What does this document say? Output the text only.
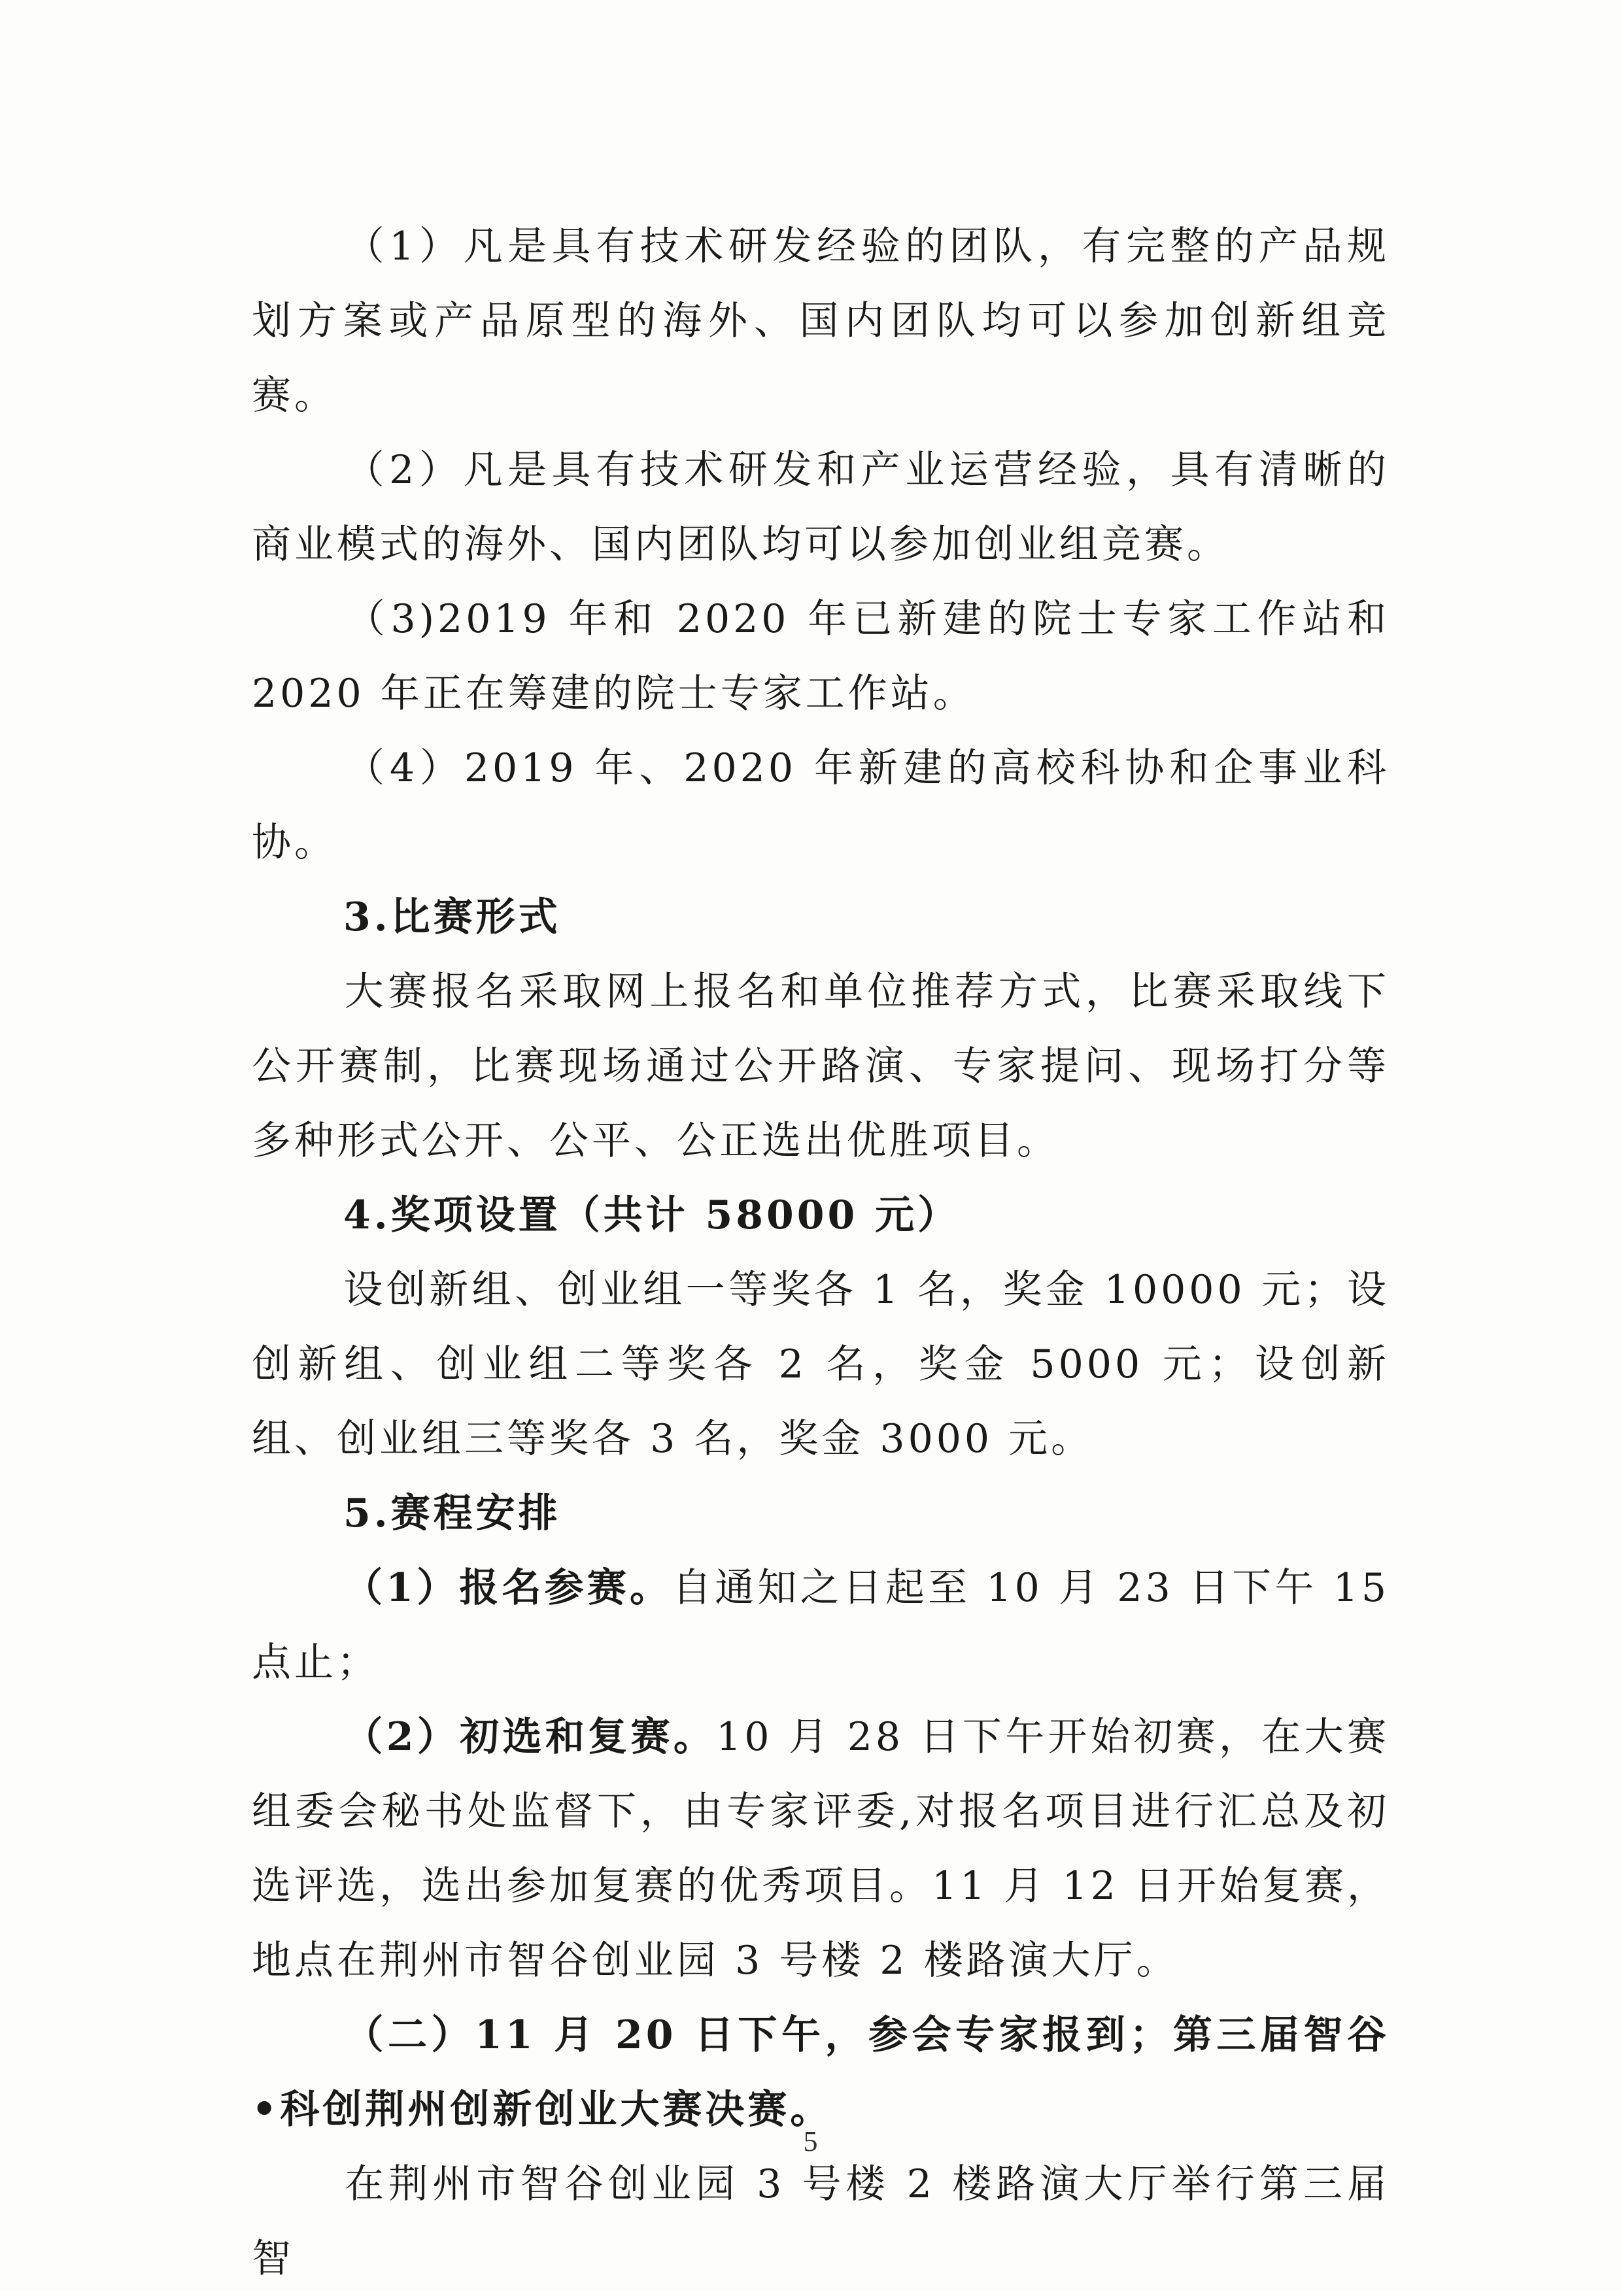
（1）凡是具有技术研发经验的团队，有完整的产品规划方案或产品原型的海外、国内团队均可以参加创新组竞赛。

（2）凡是具有技术研发和产业运营经验，具有清晰的商业模式的海外、国内团队均可以参加创业组竞赛。

（3)2019 年和 2020 年已新建的院士专家工作站和 2020 年正在筹建的院士专家工作站。

（4）2019 年、2020 年新建的高校科协和企事业科协。

3.比赛形式

大赛报名采取网上报名和单位推荐方式，比赛采取线下公开赛制，比赛现场通过公开路演、专家提问、现场打分等多种形式公开、公平、公正选出优胜项目。

4.奖项设置（共计 58000 元）

设创新组、创业组一等奖各 1 名，奖金 10000 元；设创新组、创业组二等奖各 2 名，奖金 5000 元；设创新组、创业组三等奖各 3 名，奖金 3000 元。

5.赛程安排

（1）报名参赛。自通知之日起至 10 月 23 日下午 15 点止；

（2）初选和复赛。10 月 28 日下午开始初赛，在大赛组委会秘书处监督下，由专家评委,对报名项目进行汇总及初选评选，选出参加复赛的优秀项目。11 月 12 日开始复赛，地点在荆州市智谷创业园 3 号楼 2 楼路演大厅。

（二）11 月 20 日下午，参会专家报到；第三届智谷•科创荆州创新创业大赛决赛。

在荆州市智谷创业园 3 号楼 2 楼路演大厅举行第三届智

5
